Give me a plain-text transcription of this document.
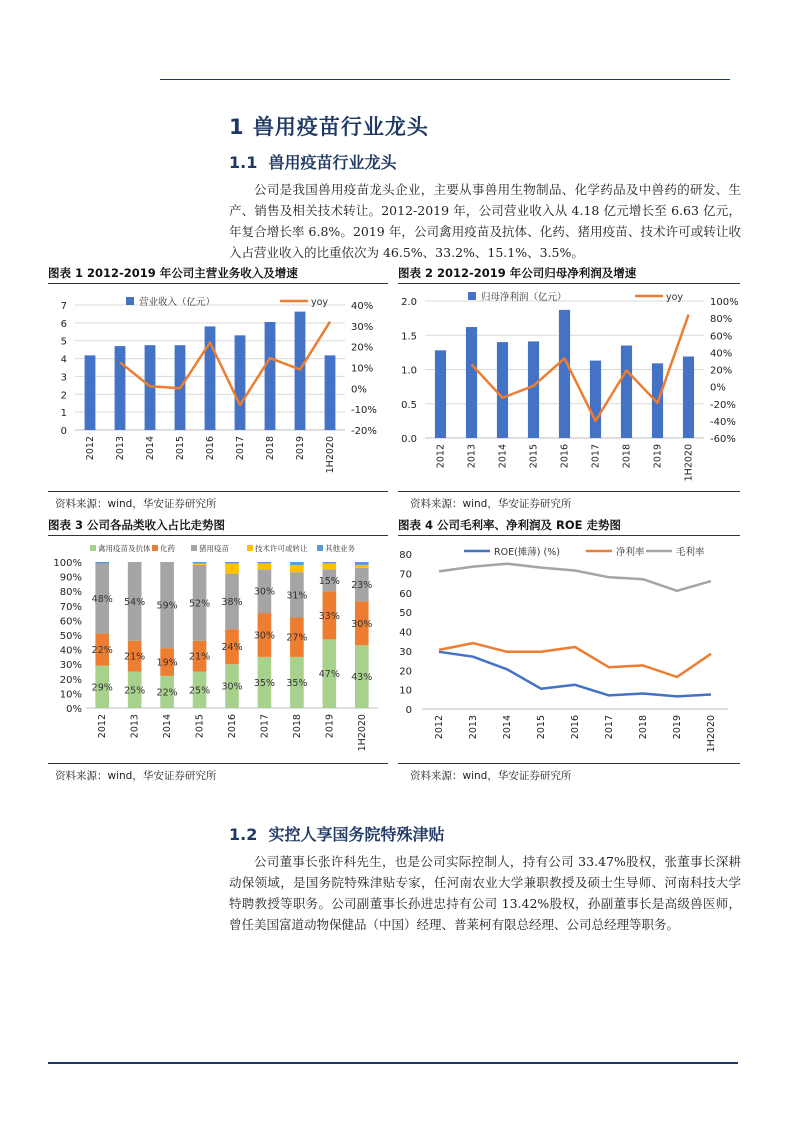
1 兽用疫苗行业龙头
1.1 兽用疫苗行业龙头
公司是我国兽用疫苗龙头企业，主要从事兽用生物制品、化学药品及中兽药的研发、生产、销售及相关技术转让。2012-2019 年，公司营业收入从 4.18 亿元增长至 6.63 亿元，年复合增长率 6.8%。2019 年，公司禽用疫苗及抗体、化药、猪用疫苗、技术许可或转让收入占营业收入的比重依次为 46.5%、33.2%、15.1%、3.5%。
图表 1 2012-2019 年公司主营业务收入及增速	图表 2 2012-2019 年公司归母净利润及增速
0
1
2
3
4
5
6
7
-20%
-10%
0%
10%
20%
30%
40%
2012 2013 2014 2015 2016 2017 2018 2019 1H2020
营业收入（亿元）	yoy
0.0
0.5
1.0
1.5
2.0
-60%
-40%
-20%
0%
20%
40%
60%
80%
100%
2012 2013 2014 2015 2016 2017 2018 2019 1H2020
归母净利润（亿元）	yoy
资料来源：wind，华安证券研究所	资料来源：wind，华安证券研究所
图表 3 公司各品类收入占比走势图	图表 4 公司毛利率、净利润及 ROE 走势图
0%
10%
20%
30%
40%
50%
60%
70%
80%
90%
100%
29%
22%
48%
25%
21%
54%
22%
19%
59%
25%
21%
52%
30%
24%
38%
35%
30%
30%
35%
27%
31%
47%
33%
15%
43%
30%
23%
2012 2013 2014 2015 2016 2017 2018 2019 1H2020
禽用疫苗及抗体 化药	猪用疫苗	技术许可或转让 其他业务
0
10
20
30
40
50
60
70
80
2012 2013 2014 2015 2016 2017 2018 2019 1H2020
ROE(摊薄) (%)	净利率	毛利率
资料来源：wind，华安证券研究所	资料来源：wind，华安证券研究所
1.2 实控人享国务院特殊津贴
公司董事长张许科先生，也是公司实际控制人，持有公司 33.47%股权，张董事长深耕动保领域，是国务院特殊津贴专家，任河南农业大学兼职教授及硕士生导师、河南科技大学特聘教授等职务。公司副董事长孙进忠持有公司 13.42%股权，孙副董事长是高级兽医师，曾任美国富道动物保健品（中国）经理、普莱柯有限总经理、公司总经理等职务。
